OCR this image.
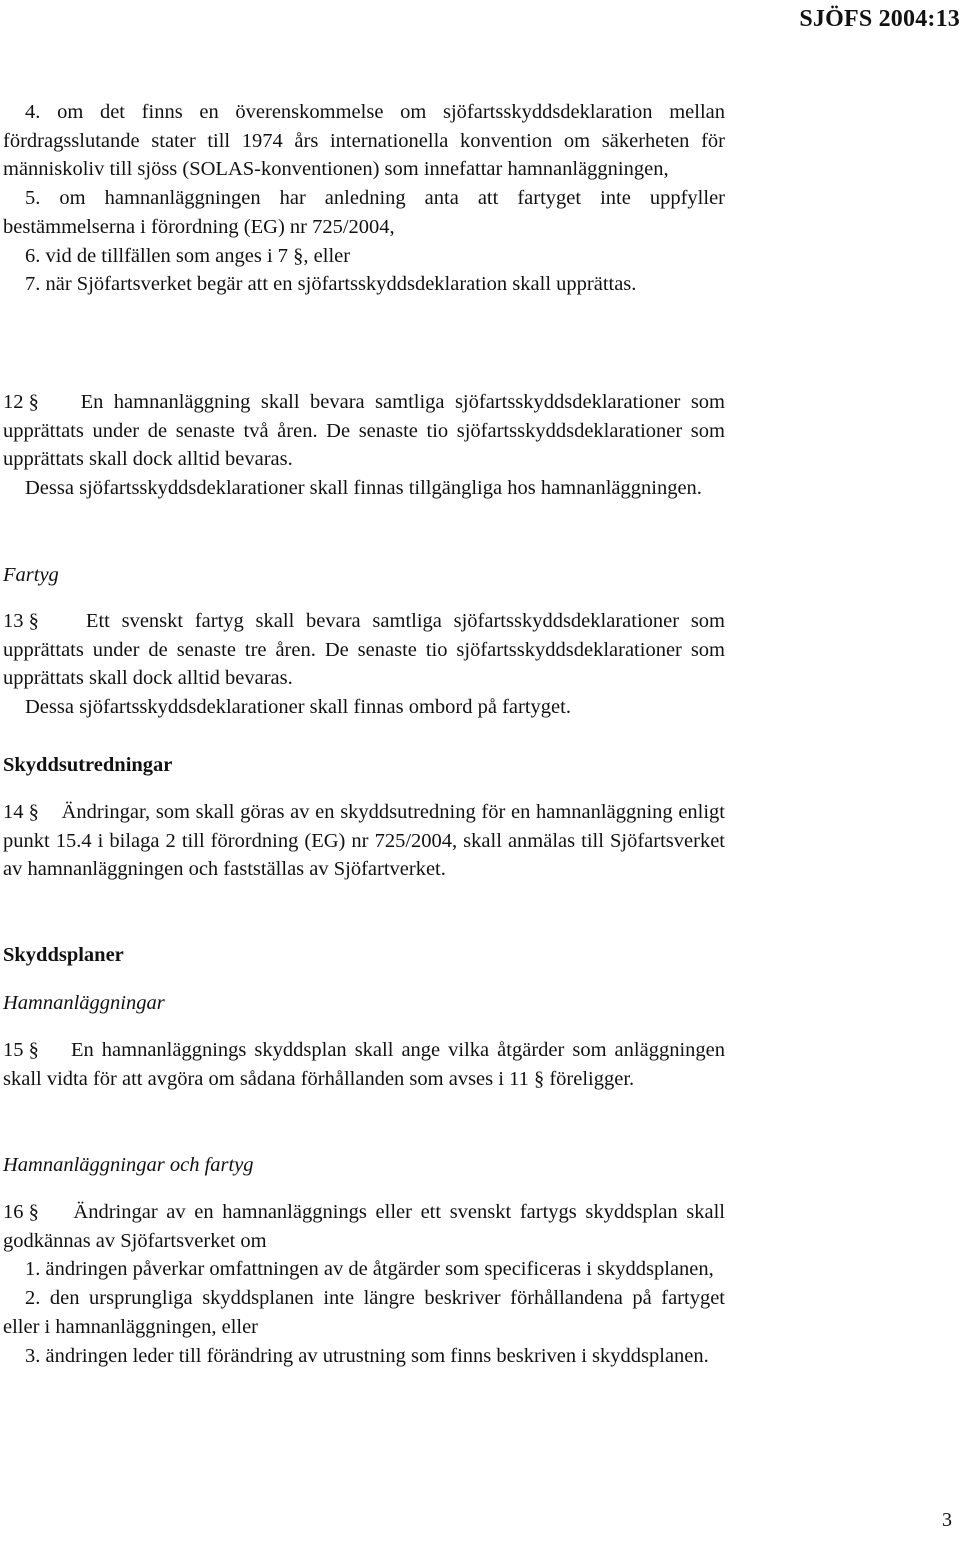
SJÖFS 2004:13

4. om det finns en överenskommelse om sjöfartsskyddsdeklaration mellan fördragsslutande stater till 1974 års internationella konvention om säkerheten för människoliv till sjöss (SOLAS-konventionen) som innefattar hamnanläggningen,

5. om hamnanläggningen har anledning anta att fartyget inte uppfyller bestämmelserna i förordning (EG) nr 725/2004,

6. vid de tillfällen som anges i 7 §, eller

7. när Sjöfartsverket begär att en sjöfartsskyddsdeklaration skall upprättas.

12 § En hamnanläggning skall bevara samtliga sjöfartsskyddsdeklarationer som upprättats under de senaste två åren. De senaste tio sjöfartsskyddsdeklarationer som upprättats skall dock alltid bevaras.

Dessa sjöfartsskyddsdeklarationer skall finnas tillgängliga hos hamnanläggningen.

Fartyg

13 § Ett svenskt fartyg skall bevara samtliga sjöfartsskyddsdeklarationer som upprättats under de senaste tre åren. De senaste tio sjöfartsskyddsdeklarationer som upprättats skall dock alltid bevaras.

Dessa sjöfartsskyddsdeklarationer skall finnas ombord på fartyget.

Skyddsutredningar

14 § Ändringar, som skall göras av en skyddsutredning för en hamnanläggning enligt punkt 15.4 i bilaga 2 till förordning (EG) nr 725/2004, skall anmälas till Sjöfartsverket av hamnanläggningen och fastställas av Sjöfartverket.

Skyddsplaner
Hamnanläggningar

15 § En hamnanläggnings skyddsplan skall ange vilka åtgärder som anläggningen skall vidta för att avgöra om sådana förhållanden som avses i 11 § föreligger.

Hamnanläggningar och fartyg

16 § Ändringar av en hamnanläggnings eller ett svenskt fartygs skyddsplan skall godkännas av Sjöfartsverket om

1. ändringen påverkar omfattningen av de åtgärder som specificeras i skyddsplanen,

2. den ursprungliga skyddsplanen inte längre beskriver förhållandena på fartyget eller i hamnanläggningen, eller

3. ändringen leder till förändring av utrustning som finns beskriven i skyddsplanen.

3
